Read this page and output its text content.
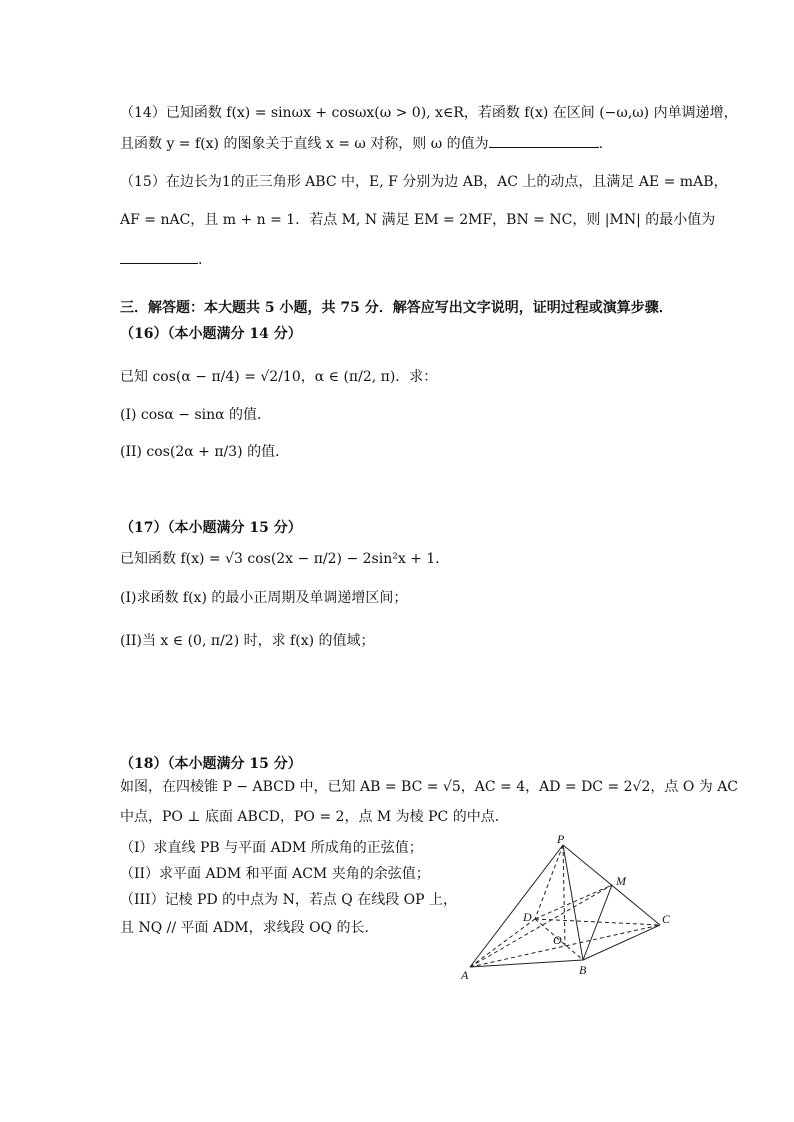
（14）已知函数 f(x) = sinωx + cosωx(ω > 0), x∈R，若函数 f(x) 在区间 (−ω,ω) 内单调递增，
且函数 y = f(x) 的图象关于直线 x = ω 对称，则 ω 的值为	.
（15）在边长为1的正三角形 ABC 中，E, F 分别为边 AB，AC 上的动点，且满足 AE = mAB，
AF = nAC，且 m + n = 1．若点 M, N 满足 EM = 2MF，BN = NC，则 |MN| 的最小值为
.
三．解答题：本大题共 5 小题，共 75 分．解答应写出文字说明，证明过程或演算步骤．
（16）（本小题满分 14 分）
已知 cos(α − π/4) = √2/10，α ∈ (π/2, π)．求：
(I) cosα − sinα 的值．
(II) cos(2α + π/3) 的值．
（17）（本小题满分 15 分）
已知函数 f(x) = √3 cos(2x − π/2) − 2sin²x + 1．
(I)求函数 f(x) 的最小正周期及单调递增区间；
(II)当 x ∈ (0, π/2) 时，求 f(x) 的值域；
（18）（本小题满分 15 分）
如图，在四棱锥 P − ABCD 中，已知 AB = BC = √5，AC = 4，AD = DC = 2√2，点 O 为 AC
中点，PO ⊥ 底面 ABCD，PO = 2，点 M 为棱 PC 的中点．
（I）求直线 PB 与平面 ADM 所成角的正弦值；
（II）求平面 ADM 和平面 ACM 夹角的余弦值；
（III）记棱 PD 的中点为 N，若点 Q 在线段 OP 上，
且 NQ // 平面 ADM，求线段 OQ 的长．
P
M
D	C
O
A	B
